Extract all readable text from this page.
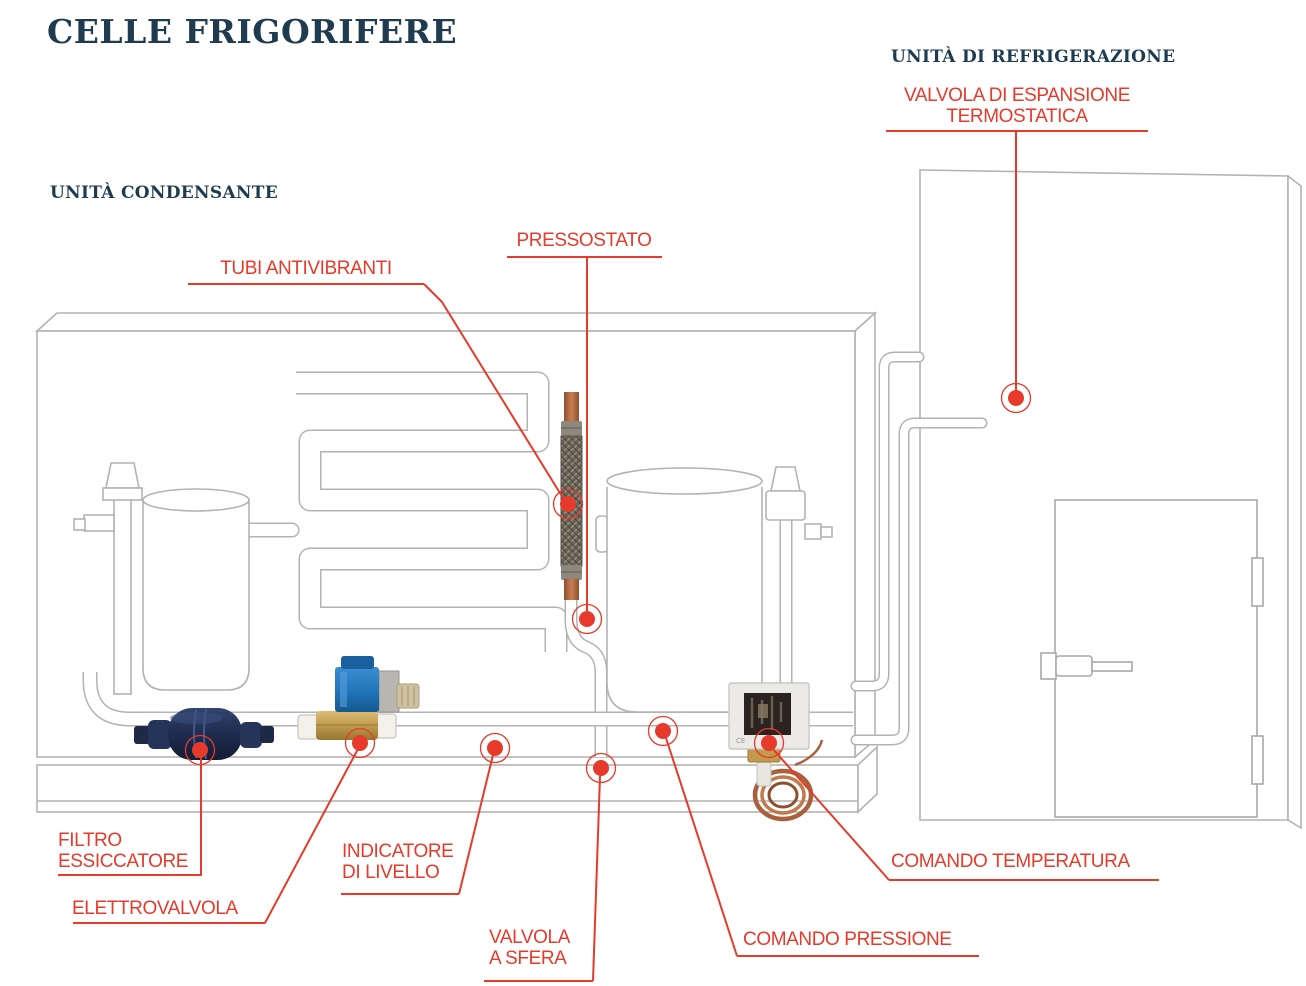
CE
CELLE FRIGORIFERE
UNITÀ CONDENSANTE
UNITÀ DI REFRIGERAZIONE
VALVOLA DI ESPANSIONE
TERMOSTATICA
PRESSOSTATO
TUBI ANTIVIBRANTI
FILTRO
ESSICCATORE
ELETTROVALVOLA
INDICATORE
DI LIVELLO
VALVOLA
A SFERA
COMANDO PRESSIONE
COMANDO TEMPERATURA
